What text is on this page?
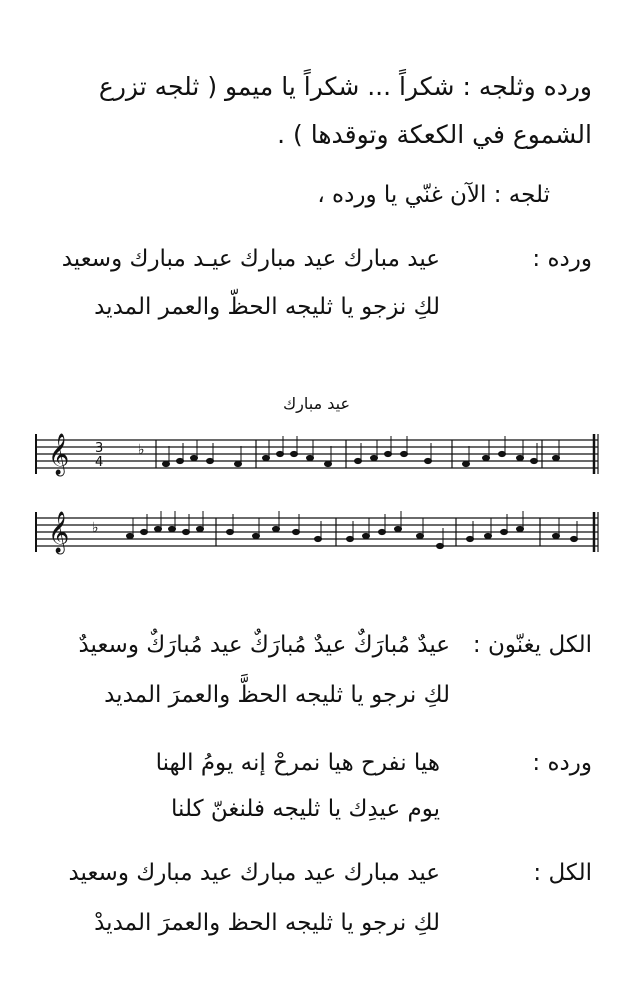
ورده وثلجه : شكراً ... شكراً يا ميمو ( ثلجه تزرع
الشموع في الكعكة وتوقدها ) .
ثلجه : الآن غنّي يا ورده ،
ورده :
عيد مبارك عيد مبارك عيـد مبارك وسعيد
لكِ نزجو يا ثليجه الحظّ والعمر المديد
عيد مبارك
𝄞 3
4
♭
𝄞 ♭
الكل يغنّون :
عيدٌ مُبارَكٌ عيدٌ مُبارَكٌ عيد مُبارَكٌ وسعيدٌ
لكِ نرجو يا ثليجه الحظَّ والعمرَ المديد
ورده :
هيا نفرح هيا نمرحْ إنه يومُ الهنا
يوم عيدِك يا ثليجه فلنغنّ كلنا
الكل :
عيد مبارك عيد مبارك عيد مبارك وسعيد
لكِ نرجو يا ثليجه الحظ والعمرَ المديدْ
